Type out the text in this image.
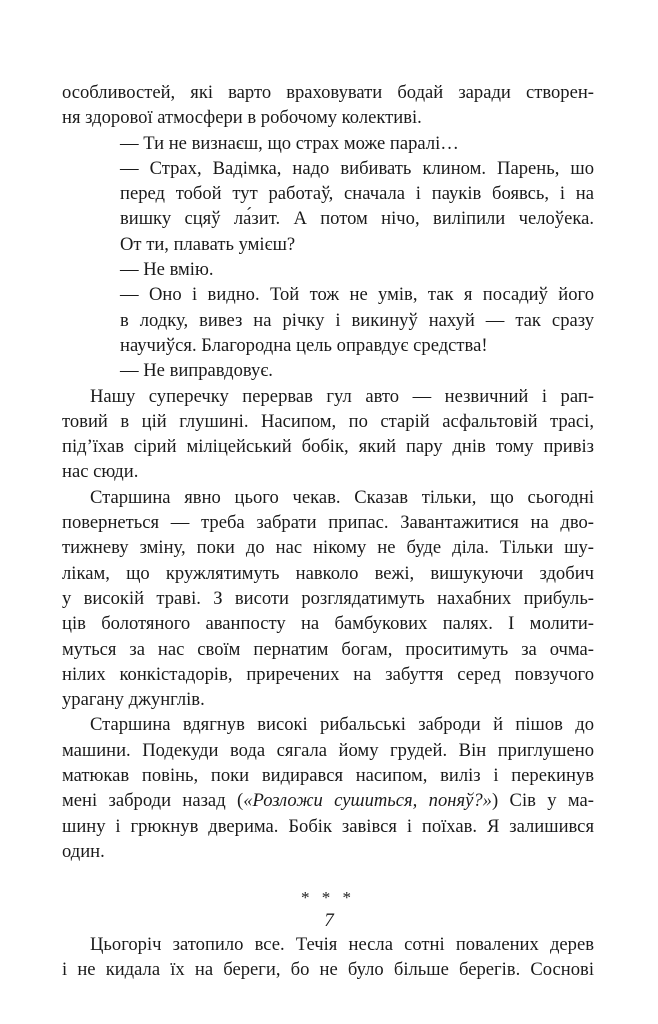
особливостей, які варто враховувати бодай заради створен-
ня здорової атмосфери в робочому колективі.
— Ти не визнаєш, що страх може паралі…
— Страх, Вадімка, надо вибивать клином. Парень, шо
перед тобой тут работаў, сначала і пауків боявсь, і на
вишку сцяў ла́зит. А потом нічо, виліпили челоўека.
От ти, плавать умієш?
— Не вмію.
— Оно і видно. Той тож не умів, так я посадиў його
в лодку, вивез на річку і викинуў нахуй — так сразу
научиўся. Благородна цель оправдує средства!
— Не виправдовує.
Нашу суперечку перервав гул авто — незвичний і рап-
товий в цій глушині. Насипом, по старій асфальтовій трасі,
під’їхав сірий міліцейський бобік, який пару днів тому привіз
нас сюди.
Старшина явно цього чекав. Сказав тільки, що сьогодні
повернеться — треба забрати припас. Завантажитися на дво-
тижневу зміну, поки до нас нікому не буде діла. Тільки шу-
лікам, що кружлятимуть навколо вежі, вишукуючи здобич
у високій траві. З висоти розглядатимуть нахабних прибуль-
ців болотяного аванпосту на бамбукових палях. І молити-
муться за нас своїм пернатим богам, проситимуть за очма-
нілих конкістадорів, приречених на забуття серед повзучого
урагану джунглів.
Старшина вдягнув високі рибальські заброди й пішов до
машини. Подекуди вода сягала йому грудей. Він приглушено
матюкав повінь, поки видирався насипом, виліз і перекинув
мені заброди назад («Розложи сушиться, поняў?») Сів у ма-
шину і грюкнув дверима. Бобік завівся і поїхав. Я залишився
один.
* * *
Цьогоріч затопило все. Течія несла сотні повалених дерев
і не кидала їх на береги, бо не було більше берегів. Соснові
7
